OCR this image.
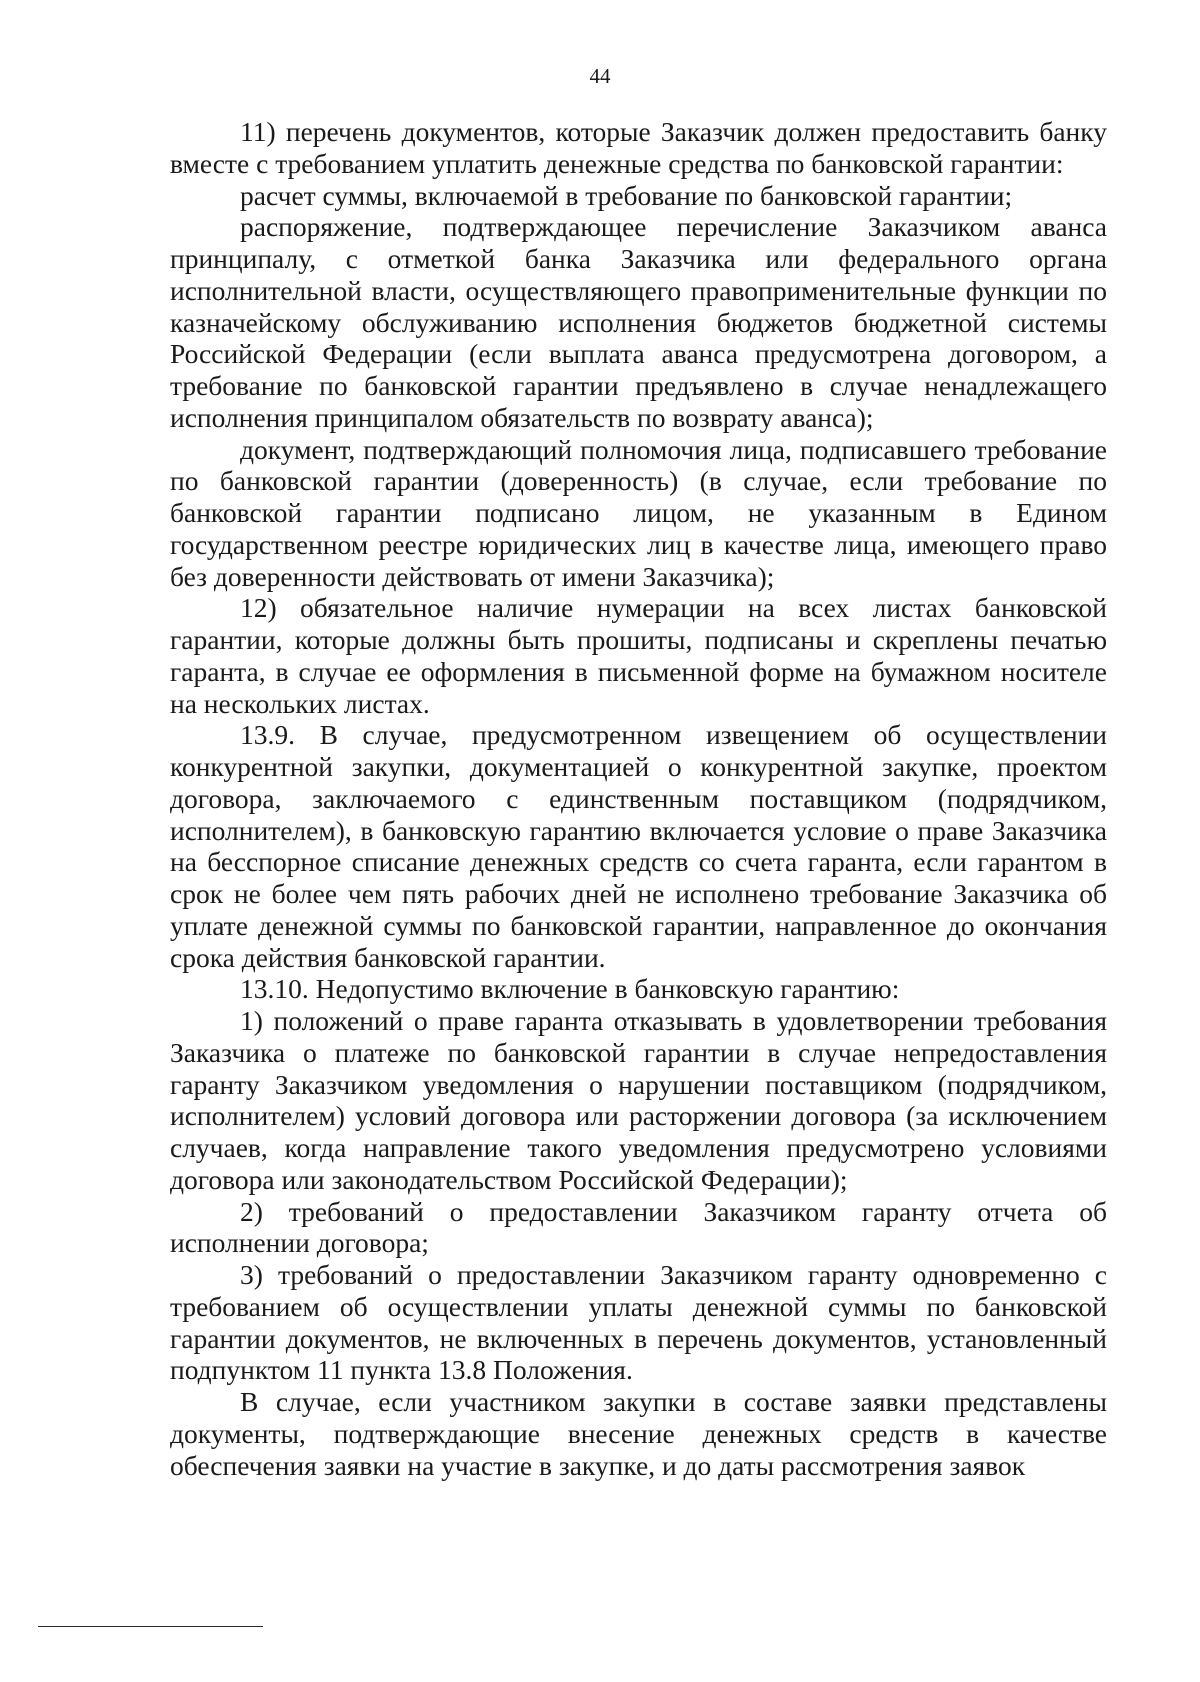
44

11) перечень документов, которые Заказчик должен предоставить банку вместе с требованием уплатить денежные средства по банковской гарантии:

расчет суммы, включаемой в требование по банковской гарантии;

распоряжение, подтверждающее перечисление Заказчиком аванса принципалу, с отметкой банка Заказчика или федерального органа исполнительной власти, осуществляющего правоприменительные функции по казначейскому обслуживанию исполнения бюджетов бюджетной системы Российской Федерации (если выплата аванса предусмотрена договором, а требование по банковской гарантии предъявлено в случае ненадлежащего исполнения принципалом обязательств по возврату аванса);

документ, подтверждающий полномочия лица, подписавшего требование по банковской гарантии (доверенность) (в случае, если требование по банковской гарантии подписано лицом, не указанным в Едином государственном реестре юридических лиц в качестве лица, имеющего право без доверенности действовать от имени Заказчика);

12) обязательное наличие нумерации на всех листах банковской гарантии, которые должны быть прошиты, подписаны и скреплены печатью гаранта, в случае ее оформления в письменной форме на бумажном носителе на нескольких листах.

13.9. В случае, предусмотренном извещением об осуществлении конкурентной закупки, документацией о конкурентной закупке, проектом договора, заключаемого с единственным поставщиком (подрядчиком, исполнителем), в банковскую гарантию включается условие о праве Заказчика на бесспорное списание денежных средств со счета гаранта, если гарантом в срок не более чем пять рабочих дней не исполнено требование Заказчика об уплате денежной суммы по банковской гарантии, направленное до окончания срока действия банковской гарантии.

13.10. Недопустимо включение в банковскую гарантию:

1) положений о праве гаранта отказывать в удовлетворении требования Заказчика о платеже по банковской гарантии в случае непредоставления гаранту Заказчиком уведомления о нарушении поставщиком (подрядчиком, исполнителем) условий договора или расторжении договора (за исключением случаев, когда направление такого уведомления предусмотрено условиями договора или законодательством Российской Федерации);

2) требований о предоставлении Заказчиком гаранту отчета об исполнении договора;

3) требований о предоставлении Заказчиком гаранту одновременно с требованием об осуществлении уплаты денежной суммы по банковской гарантии документов, не включенных в перечень документов, установленный подпунктом 11 пункта 13.8 Положения.

В случае, если участником закупки в составе заявки представлены документы, подтверждающие внесение денежных средств в качестве обеспечения заявки на участие в закупке, и до даты рассмотрения заявок
